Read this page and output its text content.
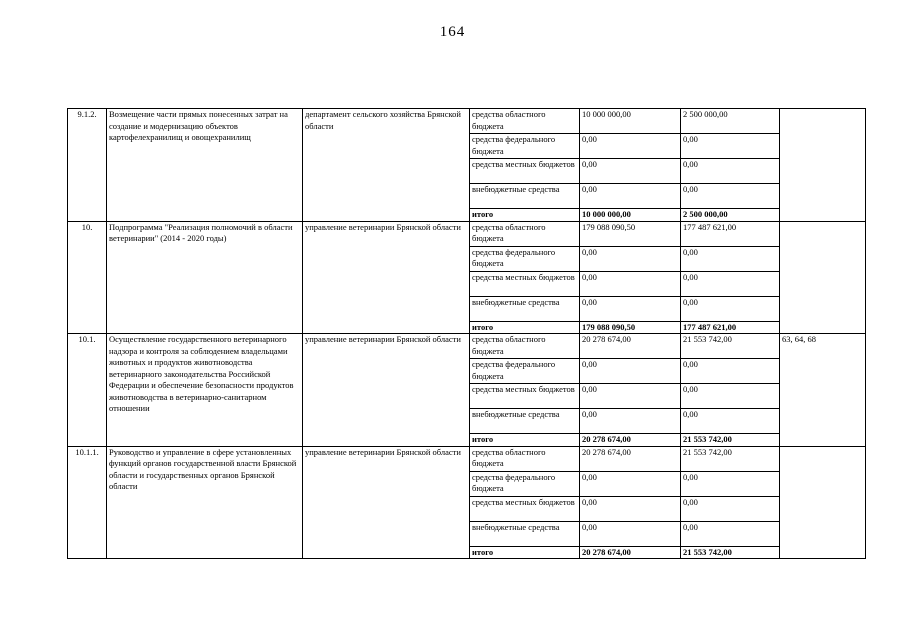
164
9.1.2.	Возмещение части прямых понесенных затрат на создание и модернизацию объектов картофелехранилищ и овощехранилищ	департамент сельского хозяйства Брянской области	средства областного бюджета	10 000 000,00	2 500 000,00	
			средства федерального бюджета	0,00	0,00	
			средства местных бюджетов	0,00	0,00	
			внебюджетные средства	0,00	0,00	
			итого	10 000 000,00	2 500 000,00	
10.	Подпрограмма "Реализация полномочий в области ветеринарии" (2014 - 2020 годы)	управление ветеринарии Брянской области	средства областного бюджета	179 088 090,50	177 487 621,00	
			средства федерального бюджета	0,00	0,00	
			средства местных бюджетов	0,00	0,00	
			внебюджетные средства	0,00	0,00	
			итого	179 088 090,50	177 487 621,00	
10.1.	Осуществление государственного ветеринарного надзора и контроля за соблюдением владельцами животных и продуктов животноводства ветеринарного законодательства Российской Федерации и обеспечение безопасности продуктов животноводства в ветеринарно-санитарном отношении	управление ветеринарии Брянской области	средства областного бюджета	20 278 674,00	21 553 742,00	63, 64, 68
			средства федерального бюджета	0,00	0,00	
			средства местных бюджетов	0,00	0,00	
			внебюджетные средства	0,00	0,00	
			итого	20 278 674,00	21 553 742,00	
10.1.1.	Руководство и управление в сфере установленных функций органов государственной власти Брянской области и государственных органов Брянской области	управление ветеринарии Брянской области	средства областного бюджета	20 278 674,00	21 553 742,00	
			средства федерального бюджета	0,00	0,00	
			средства местных бюджетов	0,00	0,00	
			внебюджетные средства	0,00	0,00	
			итого	20 278 674,00	21 553 742,00	
